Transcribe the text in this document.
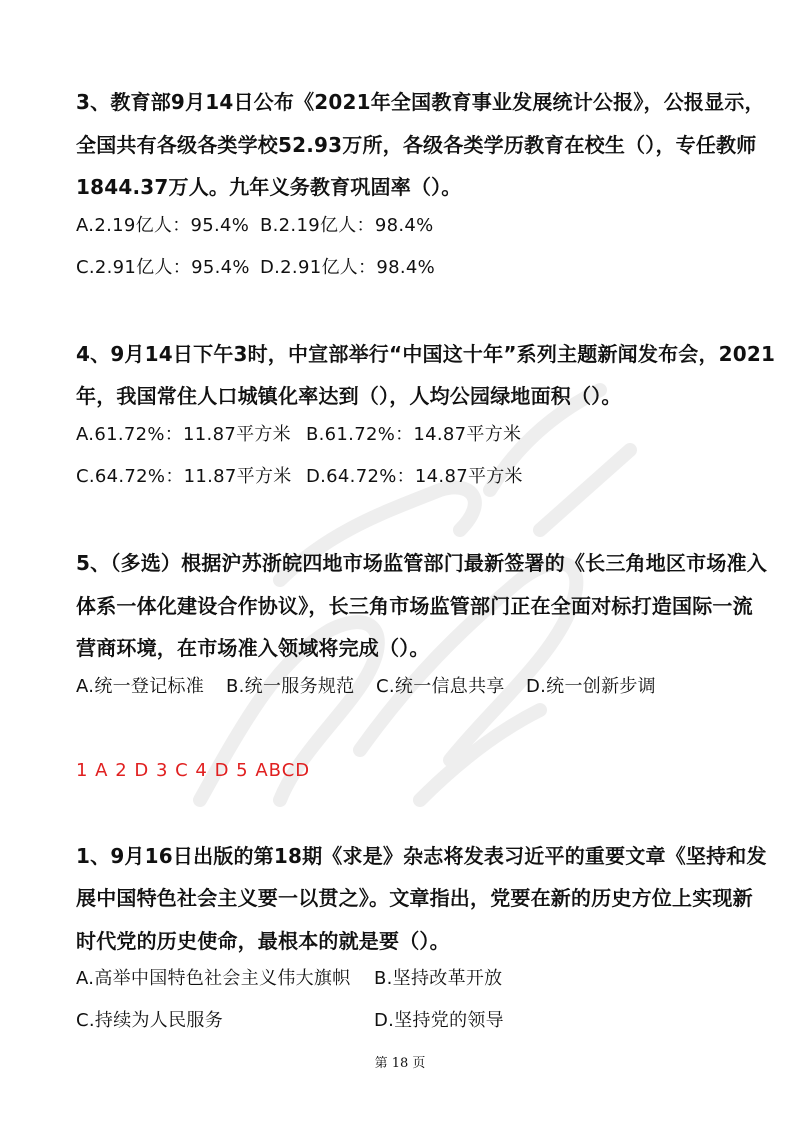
3、教育部9月14日公布《2021年全国教育事业发展统计公报》，公报显示，
全国共有各级各类学校52.93万所，各级各类学历教育在校生（），专任教师
1844.37万人。九年义务教育巩固率（）。
A.2.19亿人：95.4% B.2.19亿人：98.4%
C.2.91亿人：95.4% D.2.91亿人：98.4%
4、9月14日下午3时，中宣部举行“中国这十年”系列主题新闻发布会，2021
年，我国常住人口城镇化率达到（），人均公园绿地面积（）。
A.61.72%：11.87平方米 B.61.72%：14.87平方米
C.64.72%：11.87平方米 D.64.72%：14.87平方米
5、（多选）根据沪苏浙皖四地市场监管部门最新签署的《长三角地区市场准入
体系一体化建设合作协议》，长三角市场监管部门正在全面对标打造国际一流
营商环境，在市场准入领域将完成（）。
A.统一登记标准 B.统一服务规范 C.统一信息共享 D.统一创新步调
1 A 2 D 3 C 4 D 5 ABCD
1、9月16日出版的第18期《求是》杂志将发表习近平的重要文章《坚持和发
展中国特色社会主义要一以贯之》。文章指出，党要在新的历史方位上实现新
时代党的历史使命，最根本的就是要（）。
A.高举中国特色社会主义伟大旗帜 B.坚持改革开放
C.持续为人民服务	D.坚持党的领导
第 18 页
